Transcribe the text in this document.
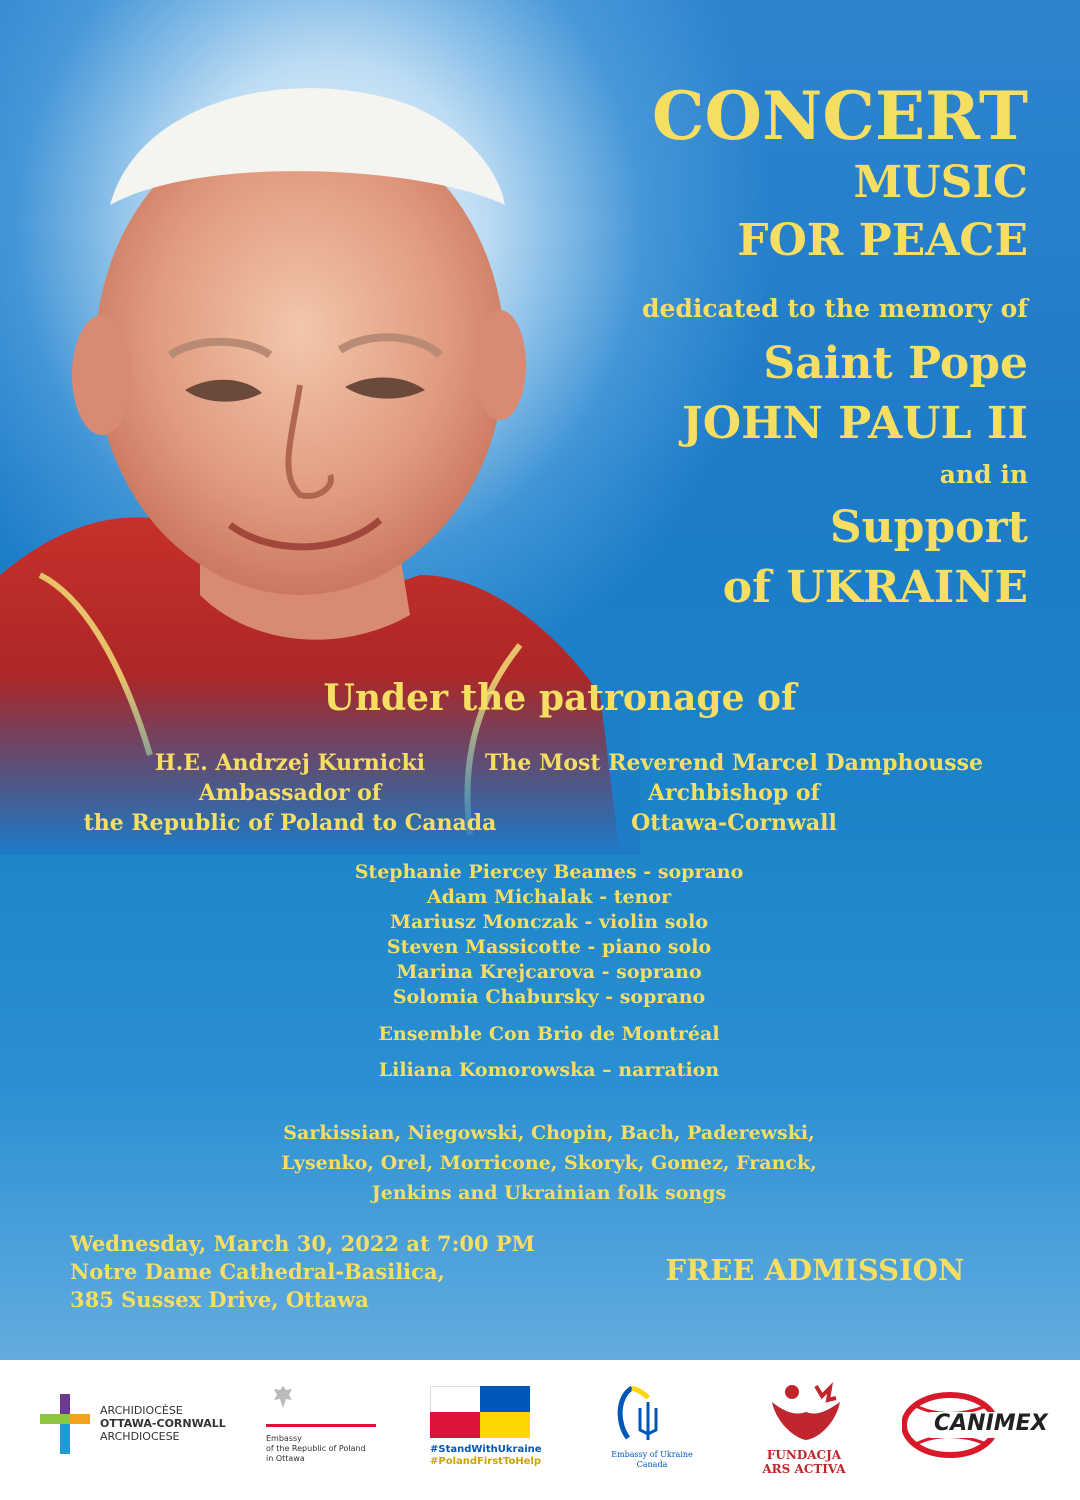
CONCERT
MUSIC
FOR PEACE
dedicated to the memory of
Saint Pope
JOHN PAUL II
and in
Support
of UKRAINE
Under the patronage of
H.E. Andrzej Kurnicki
Ambassador of
the Republic of Poland to Canada
The Most Reverend Marcel Damphousse
Archbishop of
Ottawa-Cornwall
Stephanie Piercey Beames - soprano
Adam Michalak - tenor
Mariusz Monczak - violin solo
Steven Massicotte - piano solo
Marina Krejcarova - soprano
Solomia Chabursky - soprano
Ensemble Con Brio de Montréal
Liliana Komorowska – narration
Sarkissian, Niegowski, Chopin, Bach, Paderewski,
Lysenko, Orel, Morricone, Skoryk, Gomez, Franck,
Jenkins and Ukrainian folk songs
Wednesday, March 30, 2022 at 7:00 PM
Notre Dame Cathedral-Basilica,
385 Sussex Drive, Ottawa
FREE ADMISSION
ARCHIDIOCÈSE
OTTAWA-CORNWALL
ARCHDIOCESE	Embassy
of the Republic of Poland
in Ottawa
#StandWithUkraine
#PolandFirstToHelp
Embassy of Ukraine
Canada
FUNDACJA
ARS ACTIVA
CANIMEX
